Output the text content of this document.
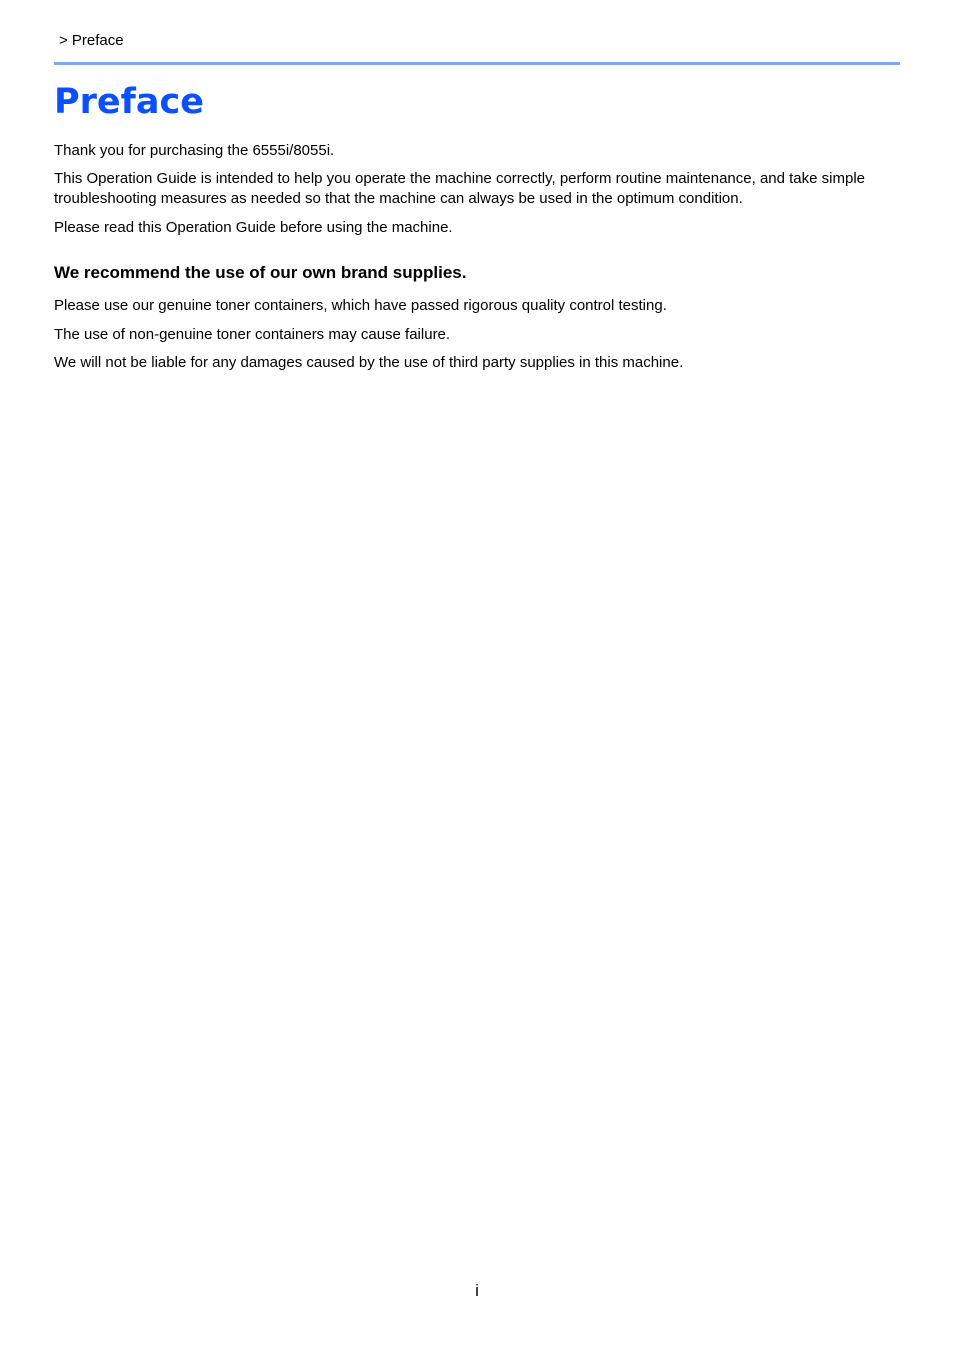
> Preface
Preface

Thank you for purchasing the 6555i/8055i.

This Operation Guide is intended to help you operate the machine correctly, perform routine maintenance, and take simple troubleshooting measures as needed so that the machine can always be used in the optimum condition.

Please read this Operation Guide before using the machine.

We recommend the use of our own brand supplies.

Please use our genuine toner containers, which have passed rigorous quality control testing.

The use of non-genuine toner containers may cause failure.

We will not be liable for any damages caused by the use of third party supplies in this machine.

i
